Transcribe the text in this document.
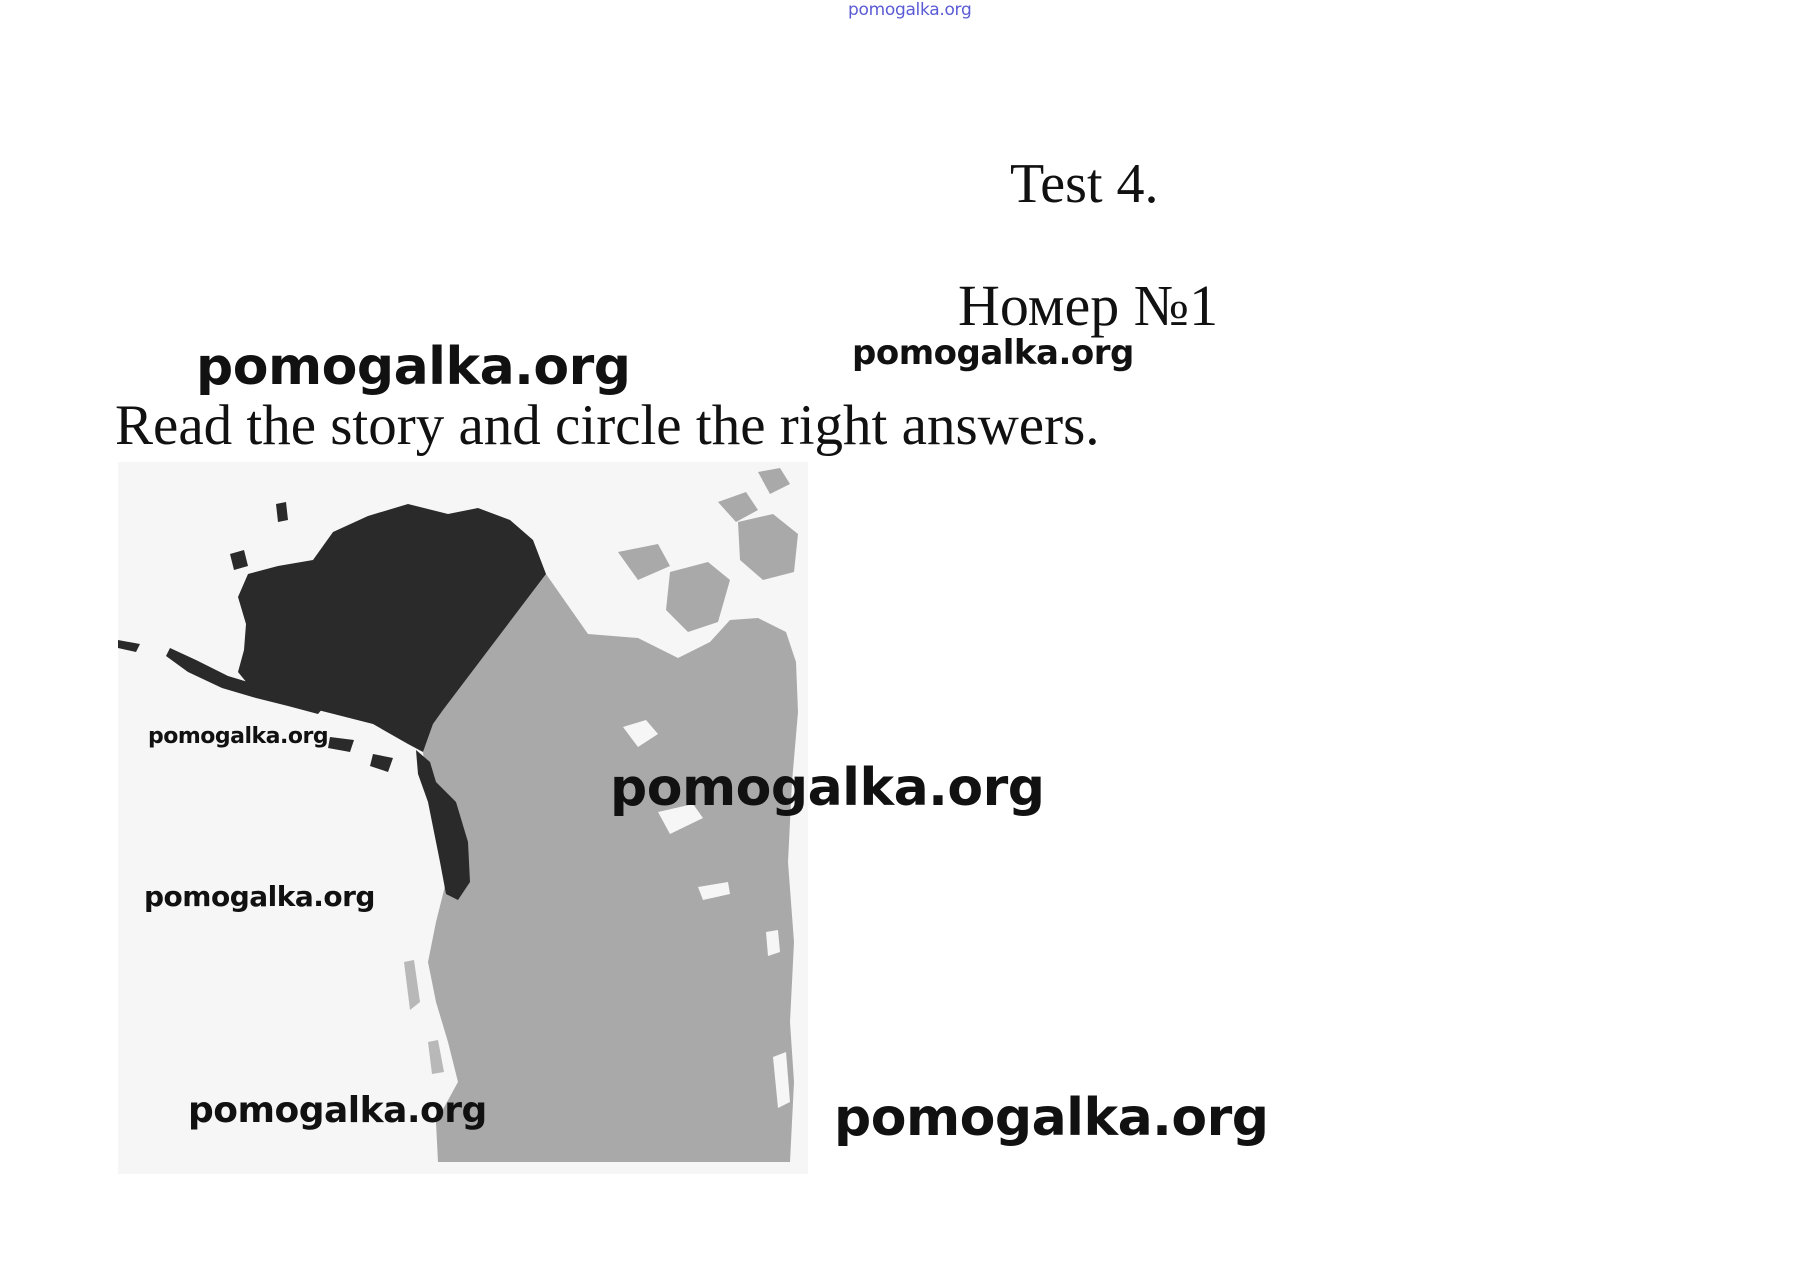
pomogalka.org
Test 4.
Номер №1
Read the story and circle the right answers.
pomogalka.org	pomogalka.org
pomogalka.org
pomogalka.org
pomogalka.org
pomogalka.org	pomogalka.org
